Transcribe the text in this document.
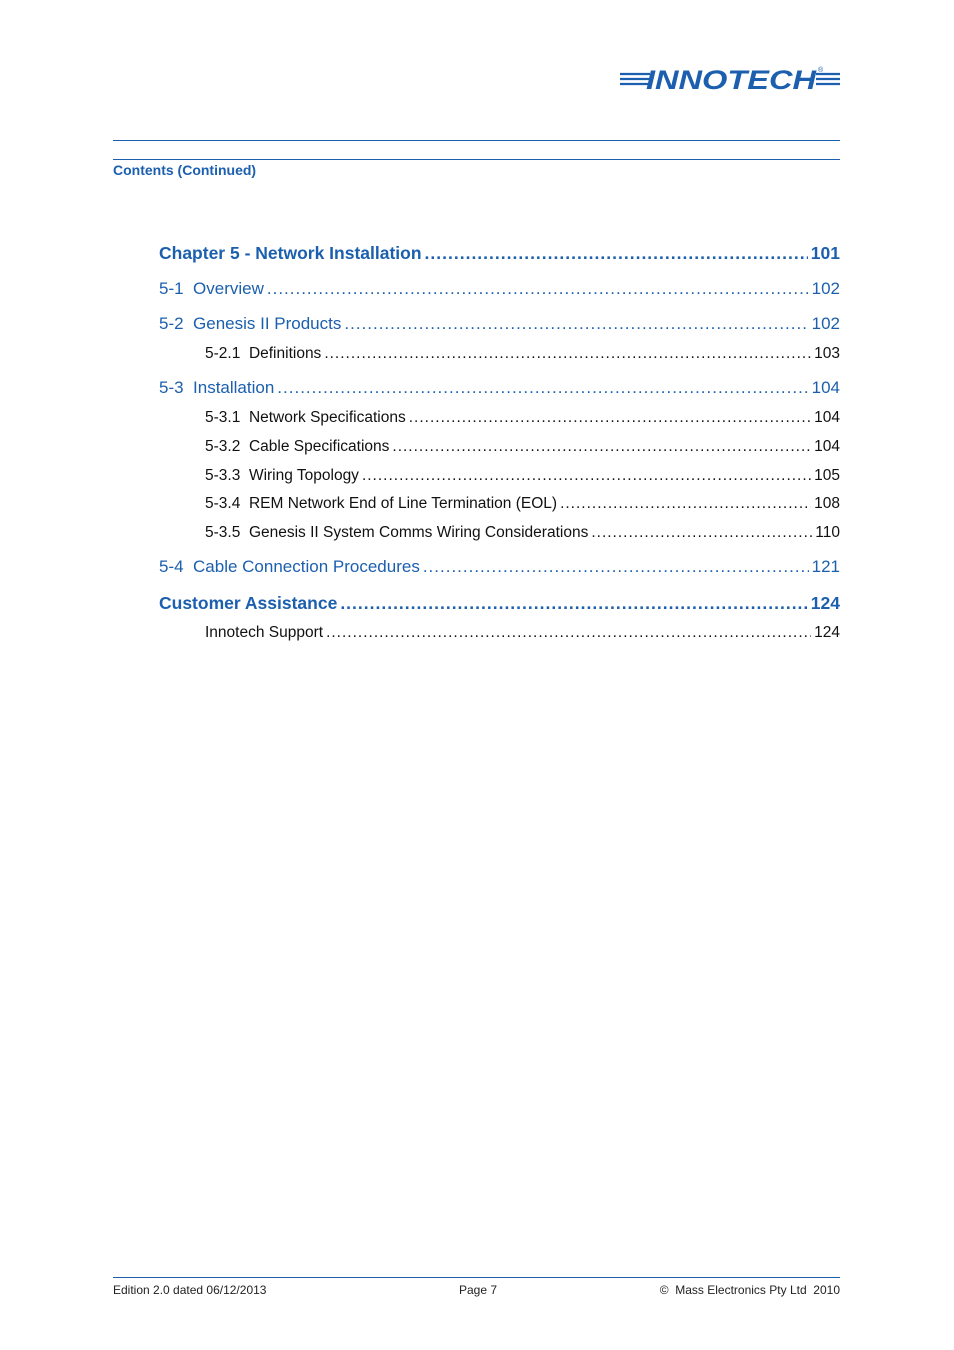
INNOTECH ®
Contents (Continued)
Chapter 5 - Network Installation .....	101
5-1  Overview .....	102
5-2  Genesis II Products .....	102
5-2.1  Definitions .....	103
5-3  Installation .....	104
5-3.1  Network Specifications .....	104
5-3.2  Cable Specifications .....	104
5-3.3  Wiring Topology .....	105
5-3.4  REM Network End of Line Termination (EOL) .....	108
5-3.5  Genesis II System Comms Wiring Considerations .....	110
5-4  Cable Connection Procedures .....	121
Customer Assistance .....	124
Innotech Support .....	124
Edition 2.0 dated 06/12/2013	Page 7	©  Mass Electronics Pty Ltd  2010
